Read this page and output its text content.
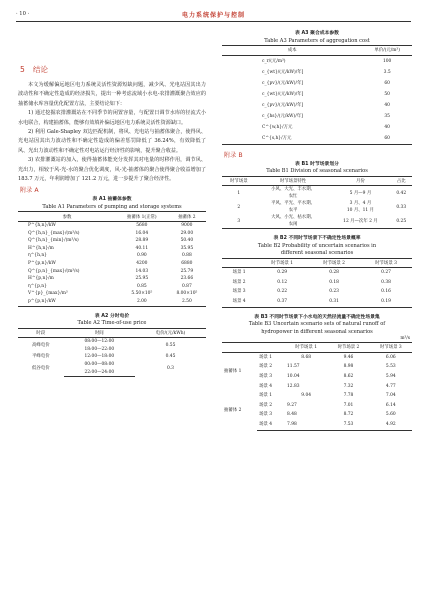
· 10 ·	电力系统保护与控制
5 结论

本文为缓解偏远地区电力系统灵活性资源短缺问题，减少风、光电站因其出力波动性和不确定性造成的经济损失，提出一种考虑流域小水电-农排灌溉聚合效应的抽蓄储水库容量优化配置方法，主要结论如下：

1) 通过挖掘农排灌溉站在不同季节的闲置容量，与配置日调节水库的径流式小水电联合，构建抽蓄体，能够有效填补偏远地区电力系统灵活性资源缺口。

2) 利用 Gale-Shapley 双边匹配机制，将风、光电站与抽蓄体聚合，使得风、光电站因其出力波动性和不确定性造成的偏差惩罚降低了 36.24%，有效降低了风、光出力波动性和不确定性对电站运行经济性的影响，提升聚合收益。

3) 农排灌溉站的加入，使得抽蓄体能充分发挥其对电量的时移作用，调节风、光出力，相较于风-光-水的聚合优化调度，风-光-抽蓄体的聚合使得聚合收益增加了 183.7 万元，年利润增加了 121.2 万元，进一步提升了聚合经济性。

附录 A
表 A1 抽蓄体参数
Table A1 Parameters of pumping and storage systems
参数	抽蓄体 1(正常)	抽蓄体 2
P^{h,n}/kW	5680	9000
Q^{h,n}_{max}/(m³/s)	16.04	29.00
Q^{h,n}_{min}/(m³/s)	28.89	50.40
H^{h,n}/m	40.11	35.95
η^{h,n}	0.90	0.88
P^{p,n}/kW	4200	6880
Q^{p,n}_{max}/(m³/s)	14.03	25.79
H^{p,n}/m	25.95	23.66
η^{p,n}	0.85	0.87
V^{p}_{max}/m³	5.50×10⁵	8.00×10⁵
p^{p,n}/kW	2.00	2.50
表 A2 分时电价
Table A2 Time-of-use price
时段	时间	电价/(元/kWh)
高峰电价	08:00—12:00	0.55
	18:00—22:00	
平峰电价	12:00—18:00	0.45
低谷电价	00:00—08:00	0.3
	22:00—24:00	
表 A3 聚合成本参数
Table A3 Parameters of aggregation cost
成本	单价/(元/m³)
c_r/(元/m³)	100
c_{wt}/(元/kW)/年]	3.5
c_{pv}/(元/kW)/年]	60
c_{wt}/(元/kW)/年]	50
c_{pv}/(元/kW)/年]	40
c_{hs}/(元/kW)/年]	35
C^{w,h}/万元	40
C^{s,h}/万元	60
附录 B
表 B1 时节场景划分
Table B1 Division of seasonal scenarios
时节场景	时节场景特性	月份	占比
1	小风、大光、丰水期、
农忙	5 月—9 月	0.42
2	平风、平光、平水期、
农平	3 月、4 月
10 月、11 月	0.33
3	大风、小光、枯水期、
农闲	12 月—次年 2 月	0.25
表 B2 不同时节场景下不确定性场景概率
Table B2 Probability of uncertain scenarios in
different seasonal scenarios
	时节场景 1	时节场景 2	时节场景 3
场景 1	0.29	0.28	0.27
场景 2	0.12	0.18	0.38
场景 3	0.22	0.23	0.16
场景 4	0.37	0.31	0.19
表 B3 不同时节场景下小水电的天然径流量不确定性场景集
Table B3 Uncertain scenario sets of natural runoff of
hydropower in different seasonal scenarios
m³/s
		时节场景 1	时节场景 2	时节场景 3
抽蓄体 1	场景 1	8.68	9.46	6.06
	场景 2	11.57	8.98	5.53
	场景 3	10.04	8.62	5.94
	场景 4	12.83	7.32	4.77
抽蓄体 2	场景 1	9.04	7.78	7.04
	场景 2	9.27	7.01	6.14
	场景 3	8.48	8.72	5.60
	场景 4	7.98	7.53	4.92
